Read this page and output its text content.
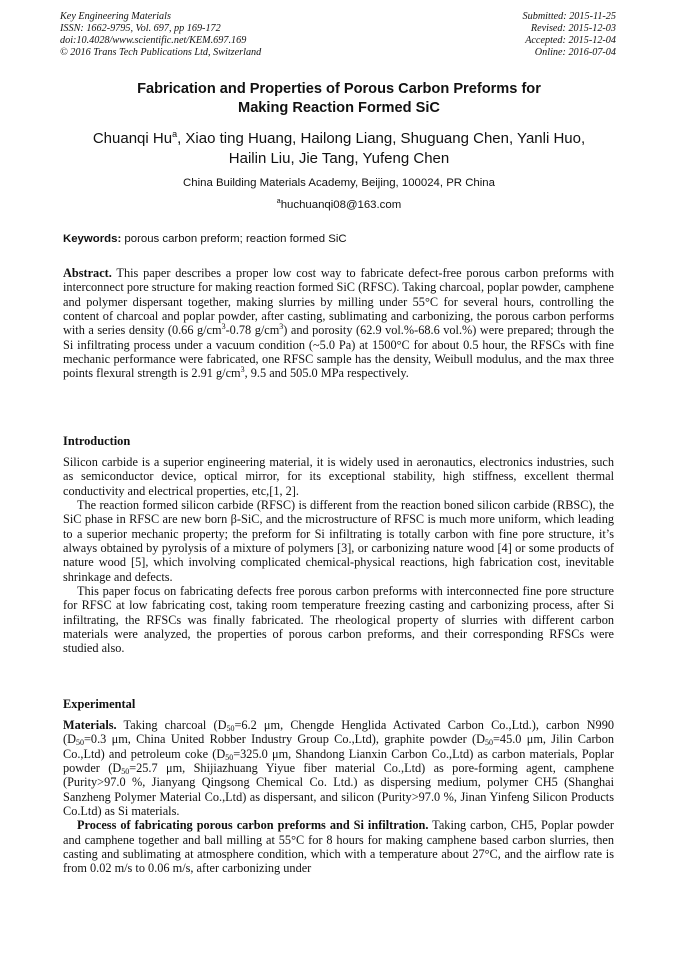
Key Engineering Materials
ISSN: 1662-9795, Vol. 697, pp 169-172
doi:10.4028/www.scientific.net/KEM.697.169
© 2016 Trans Tech Publications Ltd, Switzerland
Submitted: 2015-11-25
Revised: 2015-12-03
Accepted: 2015-12-04
Online: 2016-07-04
Fabrication and Properties of Porous Carbon Preforms for
Making Reaction Formed SiC
Chuanqi Hu$^a$, Xiao ting Huang, Hailong Liang, Shuguang Chen, Yanli Huo,
Hailin Liu, Jie Tang, Yufeng Chen
China Building Materials Academy, Beijing, 100024, PR China
$^a$huchuanqi08@163.com
Keywords: porous carbon preform; reaction formed SiC

Abstract. This paper describes a proper low cost way to fabricate defect-free porous carbon preforms with interconnect pore structure for making reaction formed SiC (RFSC). Taking charcoal, poplar powder, camphene and polymer dispersant together, making slurries by milling under 55°C for several hours, controlling the content of charcoal and poplar powder, after casting, sublimating and carbonizing, the porous carbon performs with a series density (0.66 $g/cm^3-0.78$ $g/cm^3$) and porosity (62.9 vol.%-68.6 vol.%) were prepared; through the Si infiltrating process under a vacuum condition (~5.0 Pa) at 1500°C for about 0.5 hour, the RFSCs with fine mechanic performance were fabricated, one RFSC sample has the density, Weibull modulus, and the max three points flexural strength is 2.91 $g/cm^3$, 9.5 and 505.0 MPa respectively.

Introduction

Silicon carbide is a superior engineering material, it is widely used in aeronautics, electronics industries, such as semiconductor device, optical mirror, for its exceptional stability, high stiffness, excellent thermal conductivity and electrical properties, etc,[1, 2].

The reaction formed silicon carbide (RFSC) is different from the reaction boned silicon carbide (RBSC), the SiC phase in RFSC are new born β-SiC, and the microstructure of RFSC is much more uniform, which leading to a superior mechanic property; the preform for Si infiltrating is totally carbon with fine pore structure, it’s always obtained by pyrolysis of a mixture of polymers [3], or carbonizing nature wood [4] or some products of nature wood [5], which involving complicated chemical-physical reactions, high fabrication cost, inevitable shrinkage and defects.

This paper focus on fabricating defects free porous carbon preforms with interconnected fine pore structure for RFSC at low fabricating cost, taking room temperature freezing casting and carbonizing process, after Si infiltrating, the RFSCs was finally fabricated. The rheological property of slurries with different carbon materials were analyzed, the properties of porous carbon preforms, and their corresponding RFSCs were studied also.

Experimental

Materials. Taking charcoal ($D_{50}=6.2$ μm, Chengde Henglida Activated Carbon Co.,Ltd.), carbon N990 ($D_{50}=0.3$ μm, China United Robber Industry Group Co.,Ltd), graphite powder ($D_{50}=45.0$ μm, Jilin Carbon Co.,Ltd) and petroleum coke ($D_{50}=325.0$ μm, Shandong Lianxin Carbon Co.,Ltd) as carbon materials, Poplar powder ($D_{50}=25.7$ μm, Shijiazhuang Yiyue fiber material Co.,Ltd) as pore-forming agent, camphene (Purity>97.0 %, Jianyang Qingsong Chemical Co. Ltd.) as dispersing medium, polymer CH5 (Shanghai Sanzheng Polymer Material Co.,Ltd) as dispersant, and silicon (Purity>97.0 %, Jinan Yinfeng Silicon Products Co.Ltd) as Si materials.

Process of fabricating porous carbon preforms and Si infiltration. Taking carbon, CH5, Poplar powder and camphene together and ball milling at 55°C for 8 hours for making camphene based carbon slurries, then casting and sublimating at atmosphere condition, which with a temperature about 27°C, and the airflow rate is from 0.02 m/s to 0.06 m/s, after carbonizing under
